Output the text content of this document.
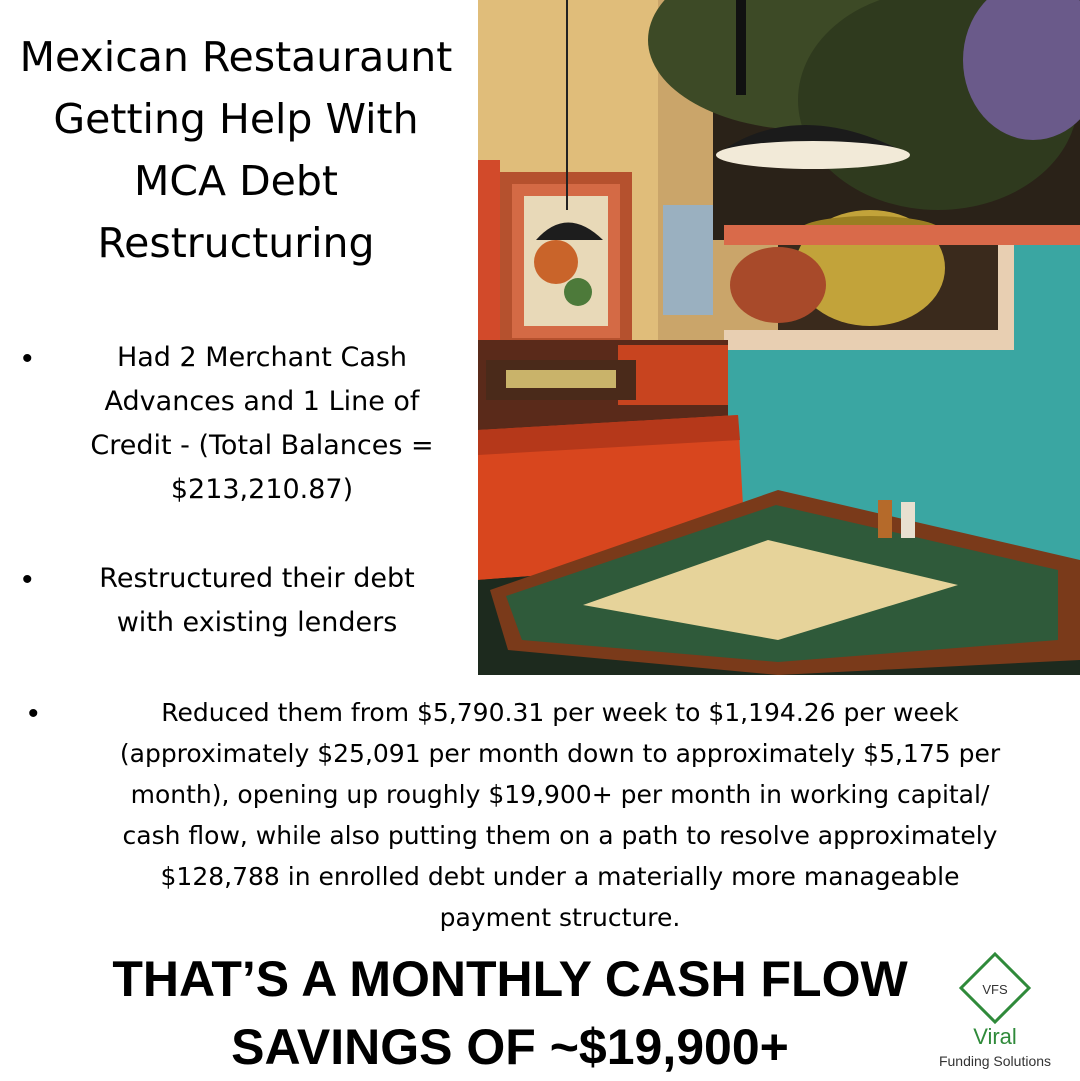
Mexican Restauraunt
Getting Help With
MCA Debt
Restructuring
•	Had 2 Merchant Cash
Advances and 1 Line of
Credit - (Total Balances =
$213,210.87)
•	Restructured their debt
with existing lenders
•	Reduced them from $5,790.31 per week to $1,194.26 per week
(approximately $25,091 per month down to approximately $5,175 per
month), opening up roughly $19,900+ per month in working capital/
cash flow, while also putting them on a path to resolve approximately
$128,788 in enrolled debt under a materially more manageable
payment structure.
THAT’S A MONTHLY CASH FLOW
SAVINGS OF ~$19,900+
VFS
Viral
Funding Solutions
